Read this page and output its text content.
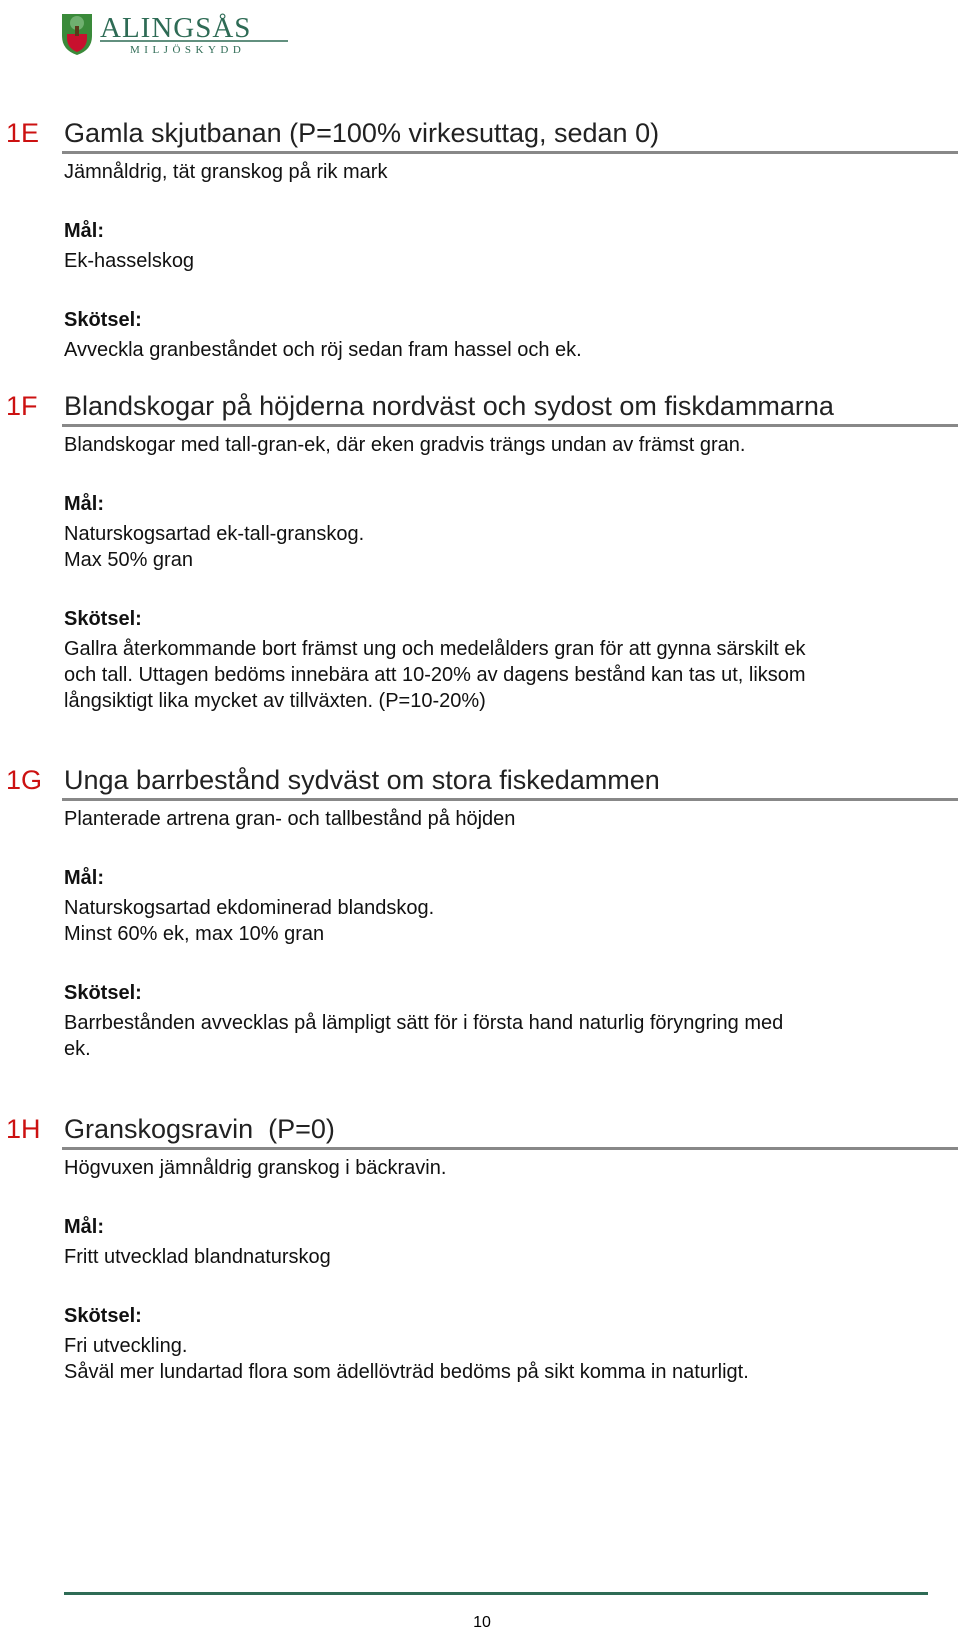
ALINGSÅS
MILJÖSKYDD
1E Gamla skjutbanan (P=100% virkesuttag, sedan 0)
Jämnåldrig, tät granskog på rik mark
Mål:
Ek-hasselskog
Skötsel:
Avveckla granbeståndet och röj sedan fram hassel och ek.
1F Blandskogar på höjderna nordväst och sydost om fiskdammarna
Blandskogar med tall-gran-ek, där eken gradvis trängs undan av främst gran.
Mål:
Naturskogsartad ek-tall-granskog.
Max 50% gran
Skötsel:
Gallra återkommande bort främst ung och medelålders gran för att gynna särskilt ek
och tall. Uttagen bedöms innebära att 10-20% av dagens bestånd kan tas ut, liksom
långsiktigt lika mycket av tillväxten. (P=10-20%)
1G Unga barrbestånd sydväst om stora fiskedammen
Planterade artrena gran- och tallbestånd på höjden
Mål:
Naturskogsartad ekdominerad blandskog.
Minst 60% ek, max 10% gran
Skötsel:
Barrbestånden avvecklas på lämpligt sätt för i första hand naturlig föryngring med
ek.
1H Granskogsravin  (P=0)
Högvuxen jämnåldrig granskog i bäckravin.
Mål:
Fritt utvecklad blandnaturskog
Skötsel:
Fri utveckling.
Såväl mer lundartad flora som ädellövträd bedöms på sikt komma in naturligt.
10
